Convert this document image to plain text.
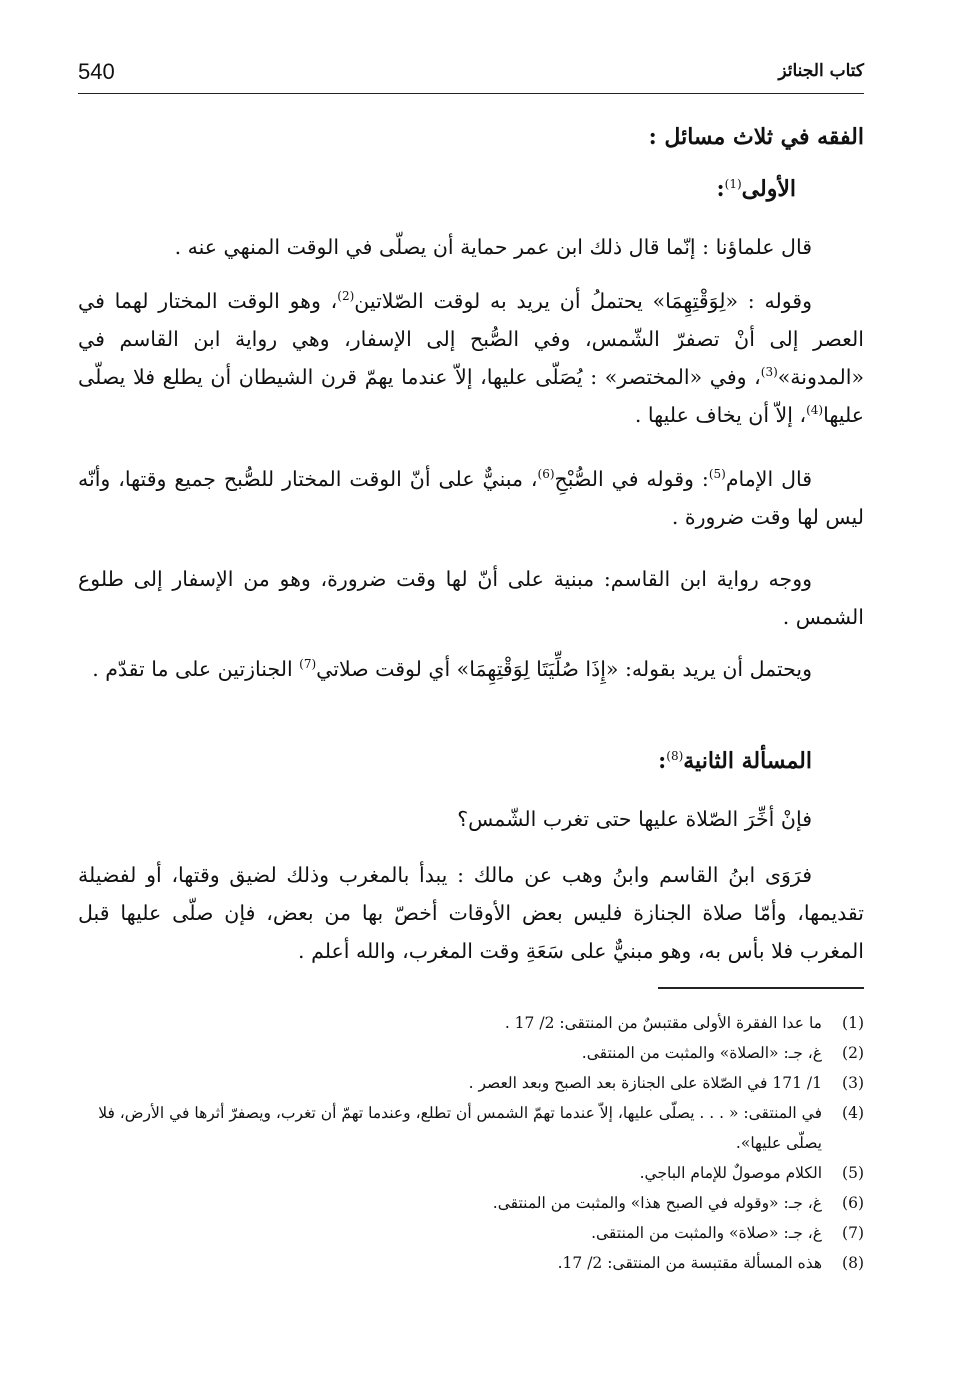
540	كتاب الجنائز
الفقه في ثلاث مسائل :
الأولى$^{(1)}$:
قال علماؤنا : إنّما قال ذلك ابن عمر حماية أن يصلّى في الوقت المنهي عنه .
وقوله : «لِوَقْتِهِمَا» يحتملُ أن يريد به لوقت الصّلاتين$^{(2)}$، وهو الوقت المختار لهما في العصر إلى أنْ تصفرّ الشّمس، وفي الصُّبح إلى الإسفار، وهي رواية ابن القاسم في «المدونة»$^{(3)}$، وفي «المختصر» : يُصَلّى عليها، إلاّ عندما يهمّ قرن الشيطان أن يطلع فلا يصلّى عليها$^{(4)}$، إلاّ أن يخاف عليها .
قال الإمام$^{(5)}$: وقوله في الصُّبْحِ$^{(6)}$، مبنيٌّ على أنّ الوقت المختار للصُّبح جميع وقتها، وأنّه ليس لها وقت ضرورة .
ووجه رواية ابن القاسم: مبنية على أنّ لها وقت ضرورة، وهو من الإسفار إلى طلوع الشمس .
ويحتمل أن يريد بقوله: «إِذَا صُلِّيَتَا لِوَقْتِهِمَا» أي لوقت صلاتي$^{(7)}$ الجنازتين على ما تقدّم .
المسألة الثانية$^{(8)}$:
فإنْ أخِّرَ الصّلاة عليها حتى تغرب الشّمس؟
فرَوَى ابنُ القاسم وابنُ وهب عن مالك : يبدأ بالمغرب وذلك لضيق وقتها، أو لفضيلة تقديمها، وأمّا صلاة الجنازة فليس بعض الأوقات أخصّ بها من بعض، فإن صلّى عليها قبل المغرب فلا بأس به، وهو مبنيٌّ على سَعَةِ وقت المغرب، والله أعلم .
(1)
ما عدا الفقرة الأولى مقتبسٌ من المنتقى: 2/ 17 .
(2)
غ، جـ: «الصلاة» والمثبت من المنتقى.
(3)
1/ 171 في الصّلاة على الجنازة بعد الصبح وبعد العصر .
(4)
في المنتقى: « . . . يصلّى عليها، إلاّ عندما تهمّ الشمس أن تطلع، وعندما تهمّ أن تغرب، ويصفرّ أثرها في الأرض، فلا يصلّى عليها».
(5)
الكلام موصولٌ للإمام الباجي.
(6)
غ، جـ: «وقوله في الصبح هذا» والمثبت من المنتقى.
(7)
غ، جـ: «صلاة» والمثبت من المنتقى.
(8)
هذه المسألة مقتبسة من المنتقى: 2/ 17.
